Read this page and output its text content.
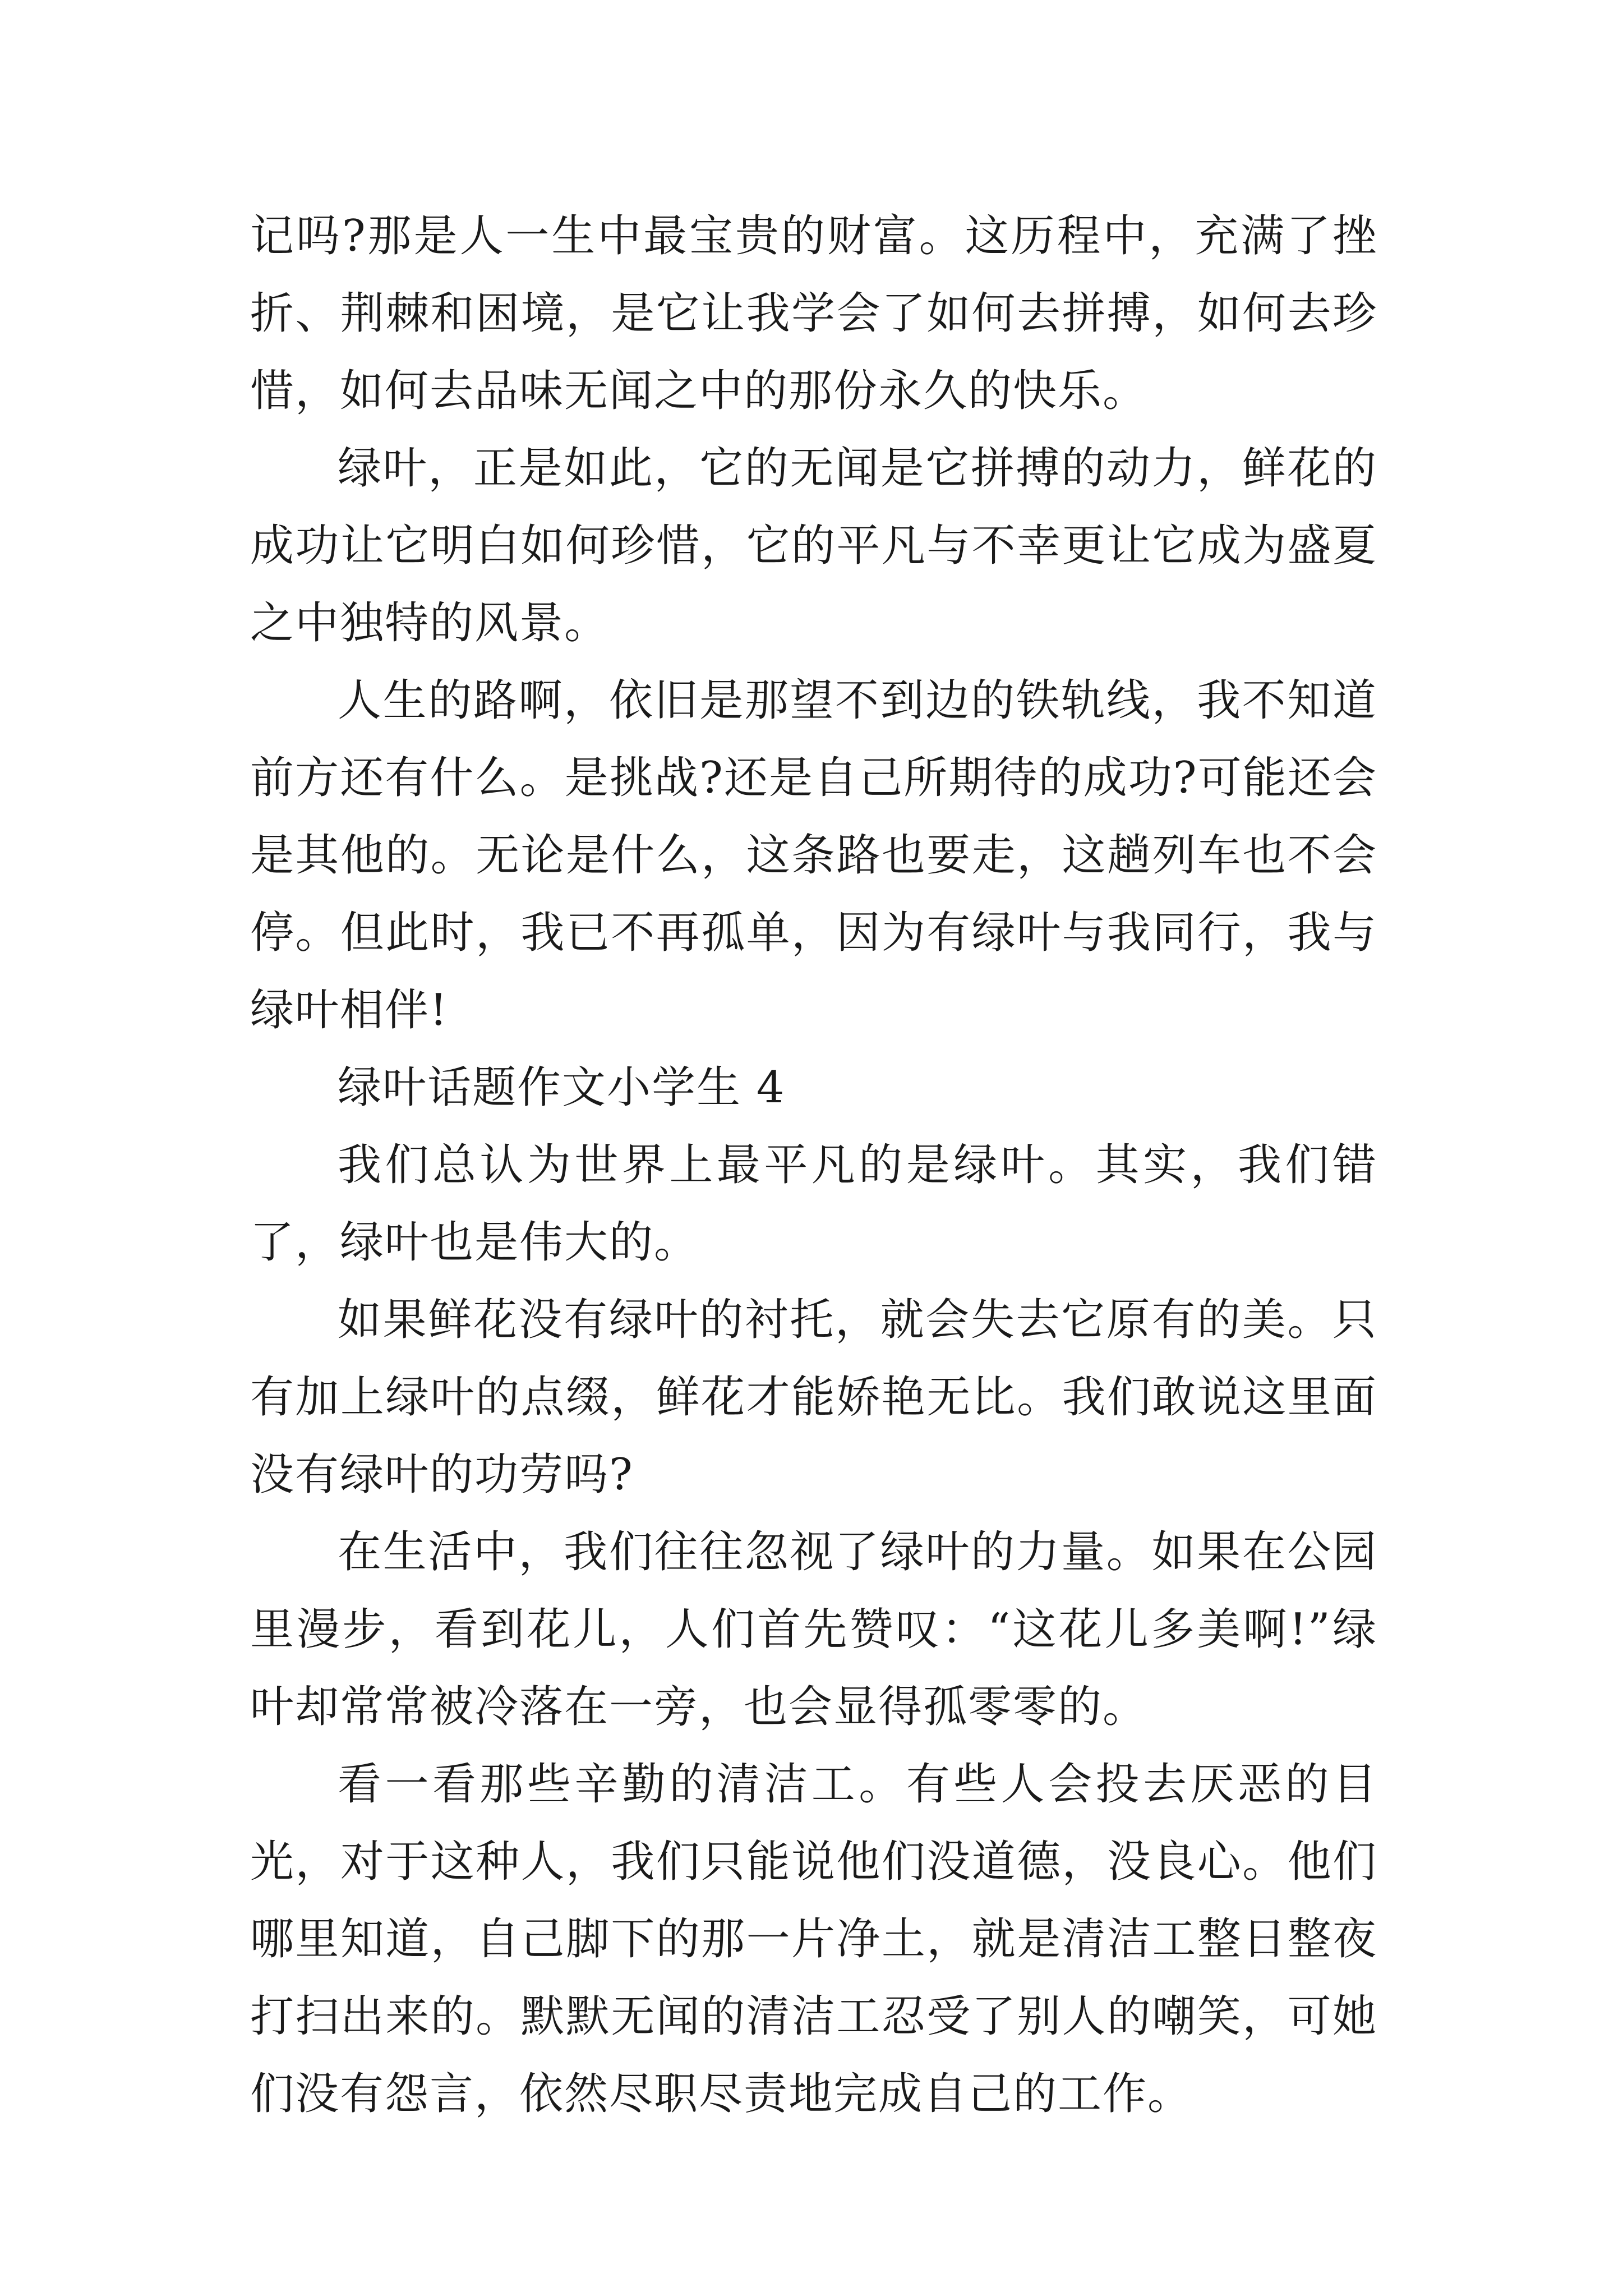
记吗?那是人一生中最宝贵的财富。这历程中，充满了挫折、荆棘和困境，是它让我学会了如何去拼搏，如何去珍惜，如何去品味无闻之中的那份永久的快乐。

绿叶，正是如此，它的无闻是它拼搏的动力，鲜花的成功让它明白如何珍惜，它的平凡与不幸更让它成为盛夏之中独特的风景。

人生的路啊，依旧是那望不到边的铁轨线，我不知道前方还有什么。是挑战?还是自己所期待的成功?可能还会是其他的。无论是什么，这条路也要走，这趟列车也不会停。但此时，我已不再孤单，因为有绿叶与我同行，我与绿叶相伴!

绿叶话题作文小学生 4

我们总认为世界上最平凡的是绿叶。其实，我们错了，绿叶也是伟大的。

如果鲜花没有绿叶的衬托，就会失去它原有的美。只有加上绿叶的点缀，鲜花才能娇艳无比。我们敢说这里面没有绿叶的功劳吗?

在生活中，我们往往忽视了绿叶的力量。如果在公园里漫步，看到花儿，人们首先赞叹：“这花儿多美啊!”绿叶却常常被冷落在一旁，也会显得孤零零的。

看一看那些辛勤的清洁工。有些人会投去厌恶的目光，对于这种人，我们只能说他们没道德，没良心。他们哪里知道，自己脚下的那一片净土，就是清洁工整日整夜打扫出来的。默默无闻的清洁工忍受了别人的嘲笑，可她们没有怨言，依然尽职尽责地完成自己的工作。
